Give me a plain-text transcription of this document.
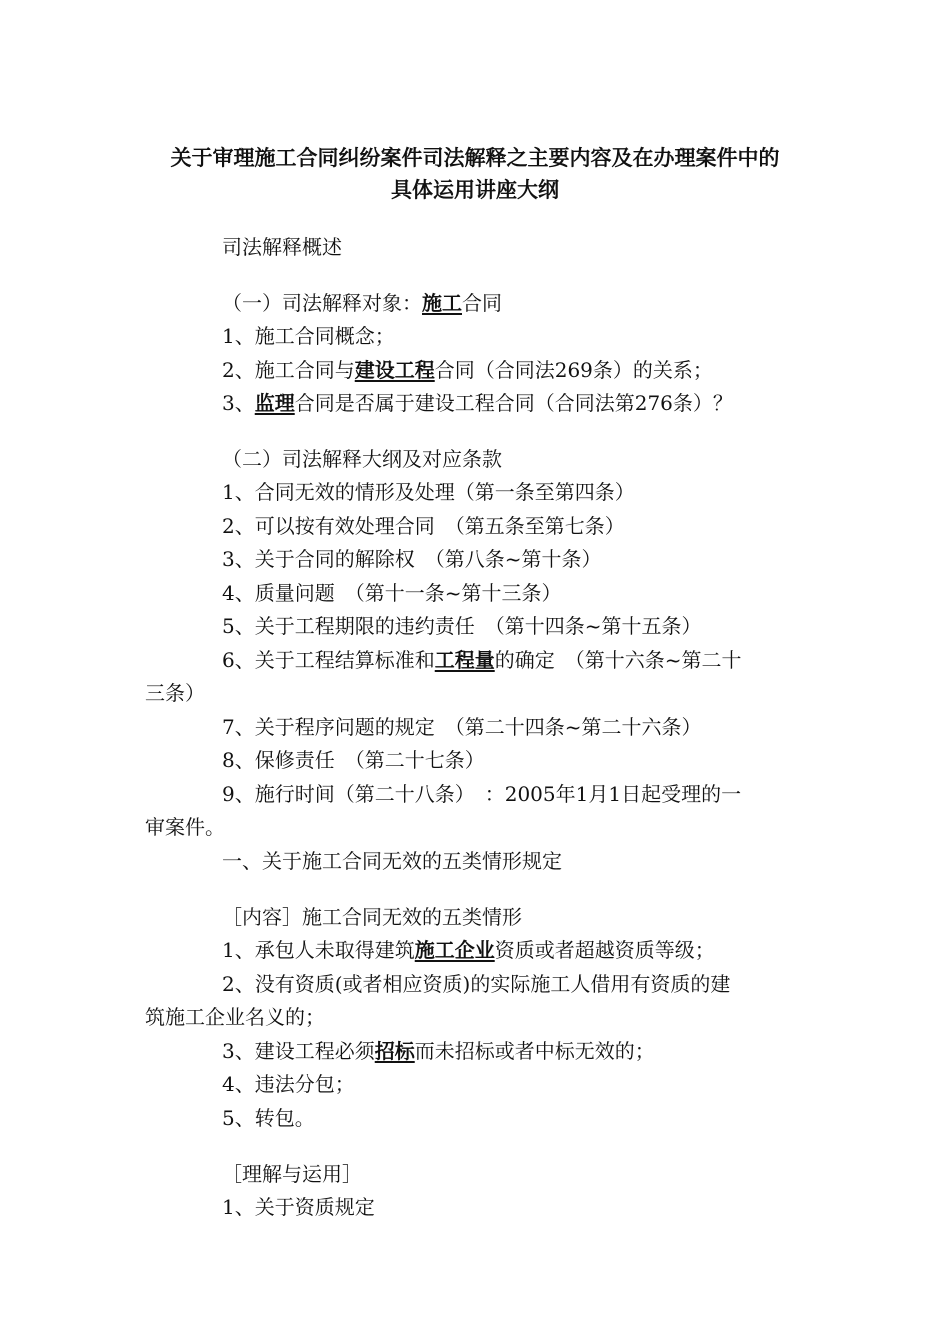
关于审理施工合同纠纷案件司法解释之主要内容及在办理案件中的
具体运用讲座大纲
司法解释概述
（一）司法解释对象：施工合同
1、施工合同概念；
2、施工合同与建设工程合同（合同法269条）的关系；
3、监理合同是否属于建设工程合同（合同法第276条）？
（二）司法解释大纲及对应条款
1、合同无效的情形及处理（第一条至第四条）
2、可以按有效处理合同　（第五条至第七条）
3、关于合同的解除权　（第八条~第十条）
4、质量问题　（第十一条~第十三条）
5、关于工程期限的违约责任　（第十四条~第十五条）
6、关于工程结算标准和工程量的确定　（第十六条~第二十
三条）
7、关于程序问题的规定　（第二十四条~第二十六条）
8、保修责任　（第二十七条）
9、施行时间（第二十八条）　：2005年1月1日起受理的一
审案件。
一、关于施工合同无效的五类情形规定
［内容］施工合同无效的五类情形
1、承包人未取得建筑施工企业资质或者超越资质等级；
2、没有资质(或者相应资质)的实际施工人借用有资质的建
筑施工企业名义的；
3、建设工程必须招标而未招标或者中标无效的；
4、违法分包；
5、转包。
［理解与运用］
1、关于资质规定
